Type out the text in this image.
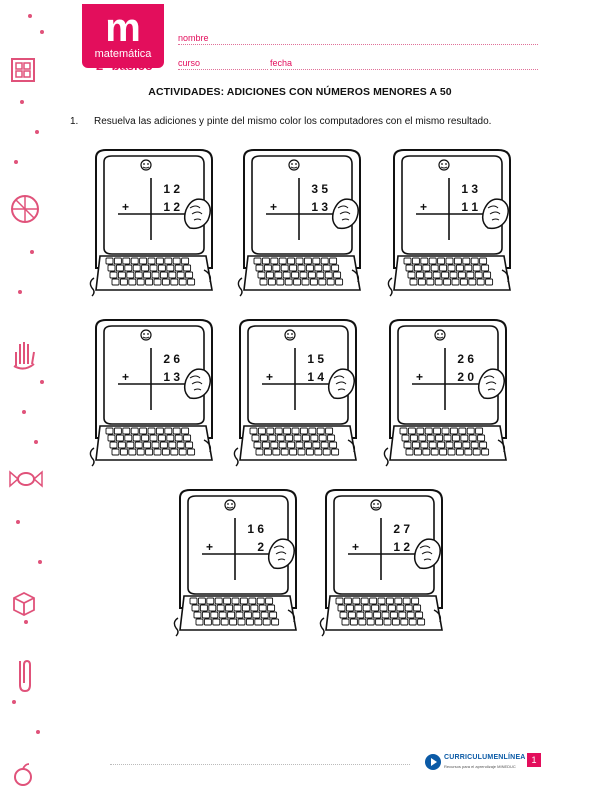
m
matemática
2º básico
nombre
curso	fecha
ACTIVIDADES: ADICIONES CON NÚMEROS MENORES A 50
1. Resuelva las adiciones y pinte del mismo color los computadores con el mismo resultado.
1 2
+	1 2
3 5
+	1 3
1 3
+	1 1
2 6
+	1 3
1 5
+	1 4
2 6
+	2 0
1 6
+	2
2 7
+	1 2
CURRICULUMENLÍNEA
Recursos para el aprendizaje MINEDUC
1
